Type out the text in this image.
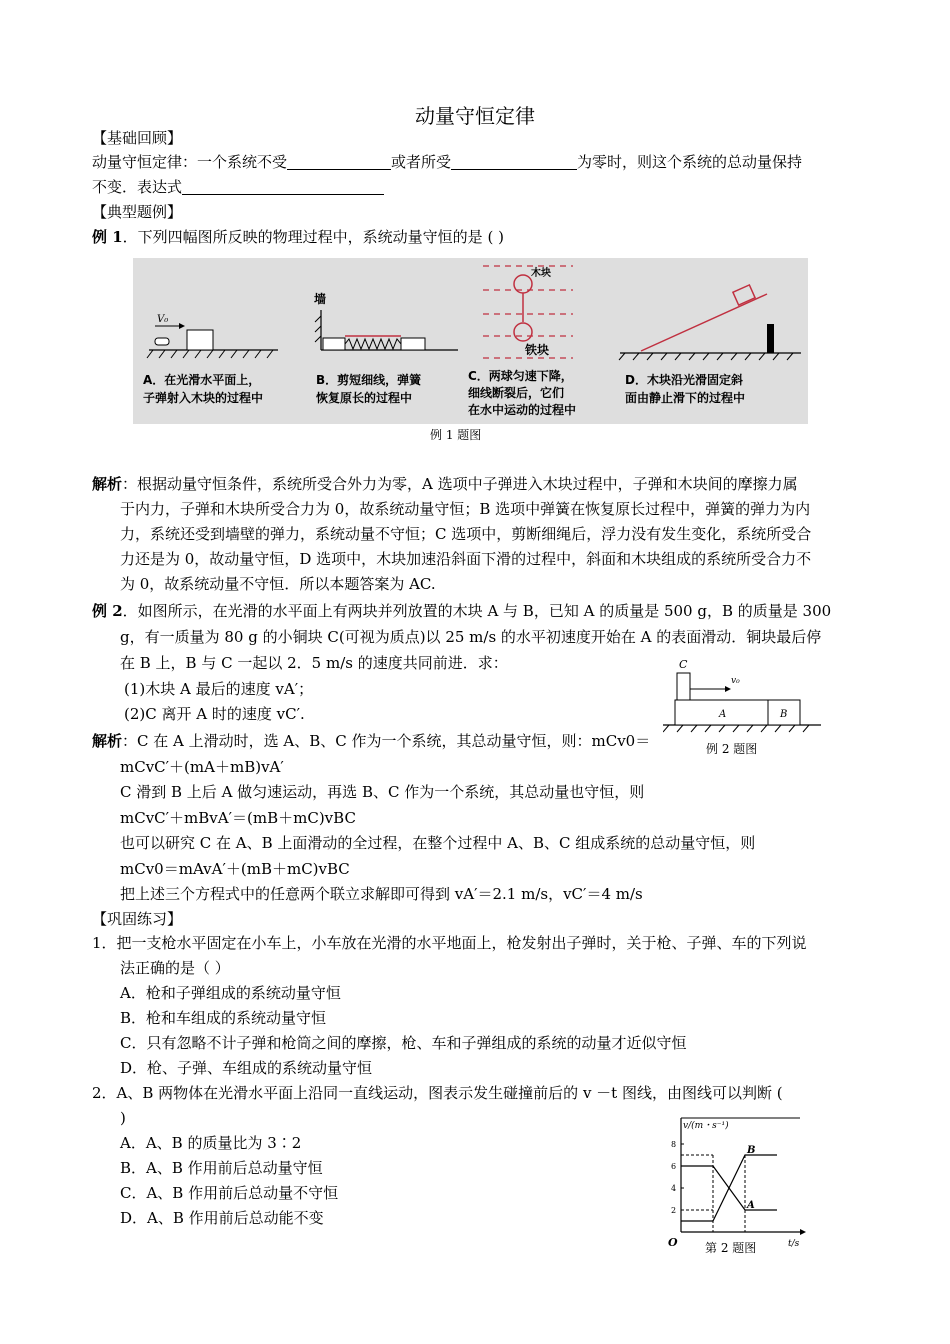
动量守恒定律
【基础回顾】
动量守恒定律：一个系统不受	或者所受	为零时，则这个系统的总动量保持
不变．表达式
【典型题例】
例 1．下列四幅图所反映的物理过程中，系统动量守恒的是 ( )
V₀
墙
木块
铁块
A．在光滑水平面上，
子弹射入木块的过程中
B．剪短细线，弹簧
恢复原长的过程中
C．两球匀速下降，
细线断裂后，它们
在水中运动的过程中
D．木块沿光滑固定斜
面由静止滑下的过程中
例 1 题图
解析：根据动量守恒条件，系统所受合外力为零，A 选项中子弹进入木块过程中，子弹和木块间的摩擦力属
于内力，子弹和木块所受合力为 0，故系统动量守恒；B 选项中弹簧在恢复原长过程中，弹簧的弹力为内
力，系统还受到墙壁的弹力，系统动量不守恒；C 选项中，剪断细绳后，浮力没有发生变化，系统所受合
力还是为 0，故动量守恒，D 选项中，木块加速沿斜面下滑的过程中，斜面和木块组成的系统所受合力不
为 0，故系统动量不守恒．所以本题答案为 AC.
例 2．如图所示，在光滑的水平面上有两块并列放置的木块 A 与 B，已知 A 的质量是 500 g，B 的质量是 300
g，有一质量为 80 g 的小铜块 C(可视为质点)以 25 m/s 的水平初速度开始在 A 的表面滑动．铜块最后停
在 B 上，B 与 C 一起以 2．5 m/s 的速度共同前进．求：
(1)木块 A 最后的速度 vA′；
(2)C 离开 A 时的速度 vC′.
C
v₀
A	B
例 2 题图
解析：C 在 A 上滑动时，选 A、B、C 作为一个系统，其总动量守恒，则：mCv0＝
mCvC′＋(mA＋mB)vA′
C 滑到 B 上后 A 做匀速运动，再选 B、C 作为一个系统，其总动量也守恒，则
mCvC′＋mBvA′＝(mB＋mC)vBC
也可以研究 C 在 A、B 上面滑动的全过程，在整个过程中 A、B、C 组成系统的总动量守恒，则
mCv0＝mAvA′＋(mB＋mC)vBC
把上述三个方程式中的任意两个联立求解即可得到 vA′＝2.1 m/s，vC′＝4 m/s
【巩固练习】
1．把一支枪水平固定在小车上，小车放在光滑的水平地面上，枪发射出子弹时，关于枪、子弹、车的下列说
法正确的是（ ）
A．枪和子弹组成的系统动量守恒
B．枪和车组成的系统动量守恒
C．只有忽略不计子弹和枪筒之间的摩擦，枪、车和子弹组成的系统的动量才近似守恒
D．枪、子弹、车组成的系统动量守恒
2．A、B 两物体在光滑水平面上沿同一直线运动，图表示发生碰撞前后的 v －t 图线，由图线可以判断 (
)
A．A、B 的质量比为 3∶2
B．A、B 作用前后总动量守恒
C．A、B 作用前后总动量不守恒
D．A、B 作用前后总动能不变
v/(m・s⁻¹)
t/s
O
8
6
4
2	A
B
第 2 题图
